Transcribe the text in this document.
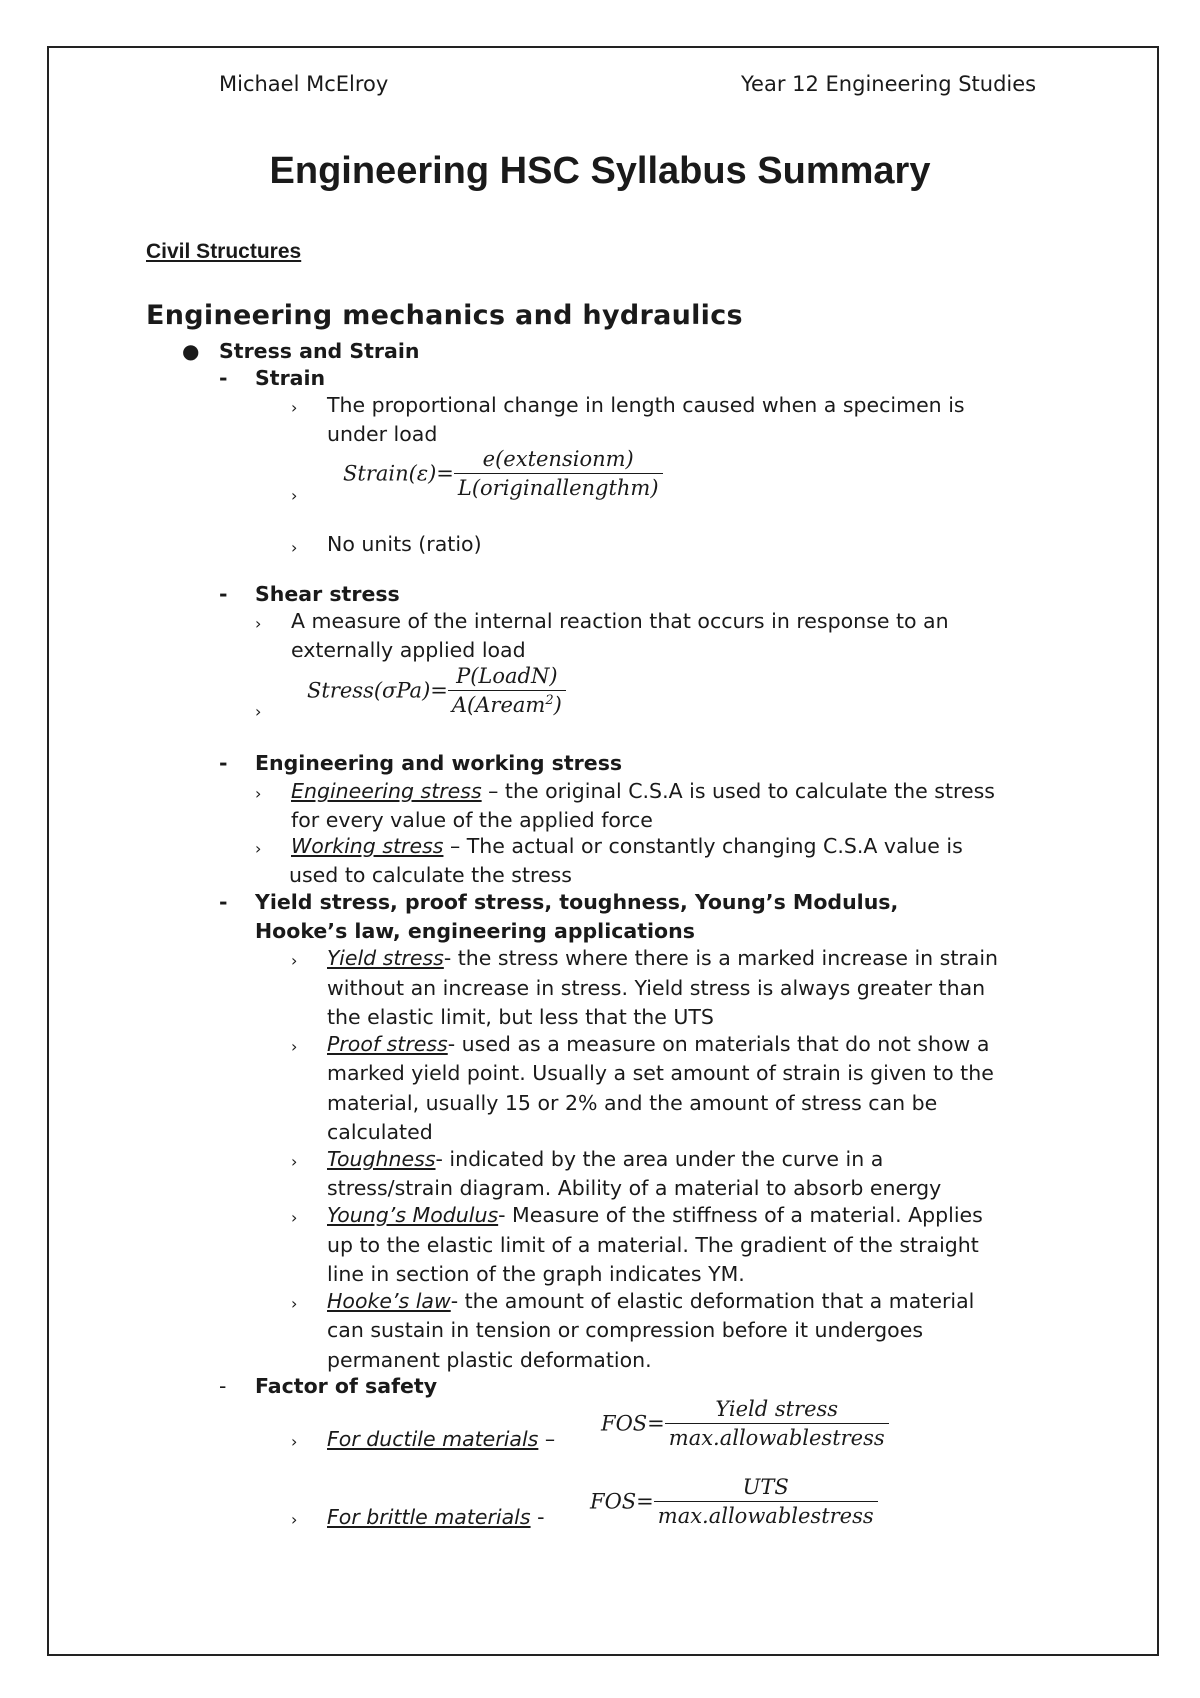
Michael McElroy	Year 12 Engineering Studies
Engineering HSC Syllabus Summary
Civil Structures
Engineering mechanics and hydraulics
● Stress and Strain
- Strain
› The proportional change in length caused when a specimen is
under load
›
Strain(ε)= $\frac{\text{e(extensionm)}}{\text{L(originallengthm)}}$
› No units (ratio)
- Shear stress
› A measure of the internal reaction that occurs in response to an
externally applied load
›
Stress(σPa)= $\frac{\text{P(LoadN)}}{A(Aream^2)}$
- Engineering and working stress
› Engineering stress – the original C.S.A is used to calculate the stress
for every value of the applied force
› Working stress – The actual or constantly changing C.S.A value is
used to calculate the stress
- Yield stress, proof stress, toughness, Young’s Modulus,
Hooke’s law, engineering applications
› Yield stress- the stress where there is a marked increase in strain
without an increase in stress. Yield stress is always greater than
the elastic limit, but less that the UTS
› Proof stress- used as a measure on materials that do not show a
marked yield point. Usually a set amount of strain is given to the
material, usually 15 or 2% and the amount of stress can be
calculated
› Toughness- indicated by the area under the curve in a
stress/strain diagram. Ability of a material to absorb energy
› Young’s Modulus- Measure of the stiffness of a material. Applies
up to the elastic limit of a material. The gradient of the straight
line in section of the graph indicates YM.
› Hooke’s law- the amount of elastic deformation that a material
can sustain in tension or compression before it undergoes
permanent plastic deformation.
- Factor of safety
› For ductile materials –
$FOS= \frac{\text{Yield stress}}{\text{max.allowablestress}}$
› For brittle materials -
$FOS= \frac{\text{UTS}}{\text{max.allowablestress}}$
